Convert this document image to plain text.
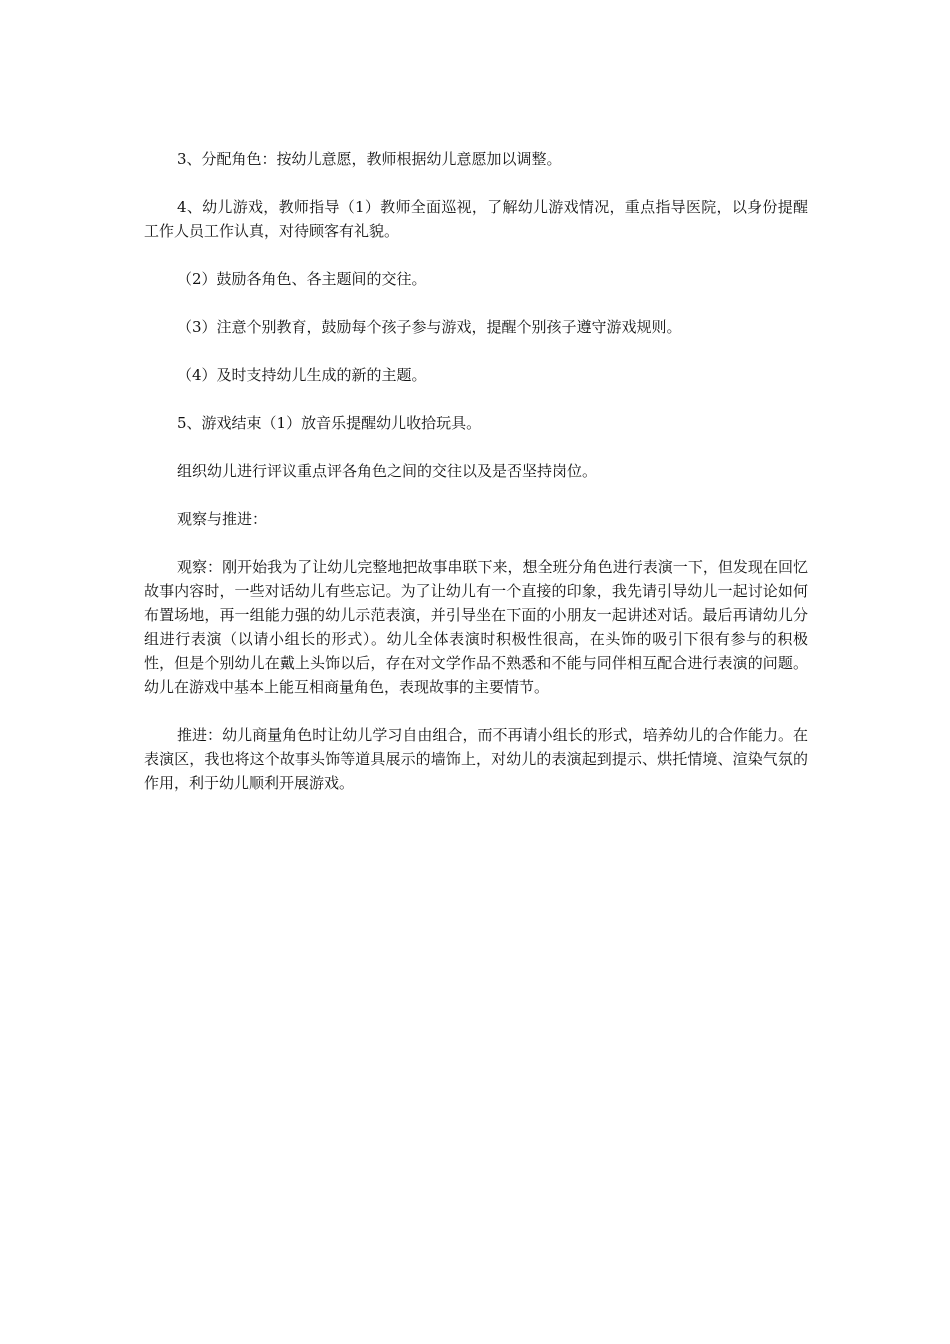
3、分配角色：按幼儿意愿，教师根据幼儿意愿加以调整。

4、幼儿游戏，教师指导（1）教师全面巡视，了解幼儿游戏情况，重点指导医院，以身份提醒工作人员工作认真，对待顾客有礼貌。

（2）鼓励各角色、各主题间的交往。

（3）注意个别教育，鼓励每个孩子参与游戏，提醒个别孩子遵守游戏规则。

（4）及时支持幼儿生成的新的主题。

5、游戏结束（1）放音乐提醒幼儿收拾玩具。

组织幼儿进行评议重点评各角色之间的交往以及是否坚持岗位。

观察与推进：

观察：刚开始我为了让幼儿完整地把故事串联下来，想全班分角色进行表演一下，但发现在回忆故事内容时，一些对话幼儿有些忘记。为了让幼儿有一个直接的印象，我先请引导幼儿一起讨论如何布置场地，再一组能力强的幼儿示范表演，并引导坐在下面的小朋友一起讲述对话。最后再请幼儿分组进行表演（以请小组长的形式）。幼儿全体表演时积极性很高，在头饰的吸引下很有参与的积极性，但是个别幼儿在戴上头饰以后，存在对文学作品不熟悉和不能与同伴相互配合进行表演的问题。幼儿在游戏中基本上能互相商量角色，表现故事的主要情节。

推进：幼儿商量角色时让幼儿学习自由组合，而不再请小组长的形式，培养幼儿的合作能力。在表演区，我也将这个故事头饰等道具展示的墙饰上，对幼儿的表演起到提示、烘托情境、渲染气氛的作用，利于幼儿顺利开展游戏。
